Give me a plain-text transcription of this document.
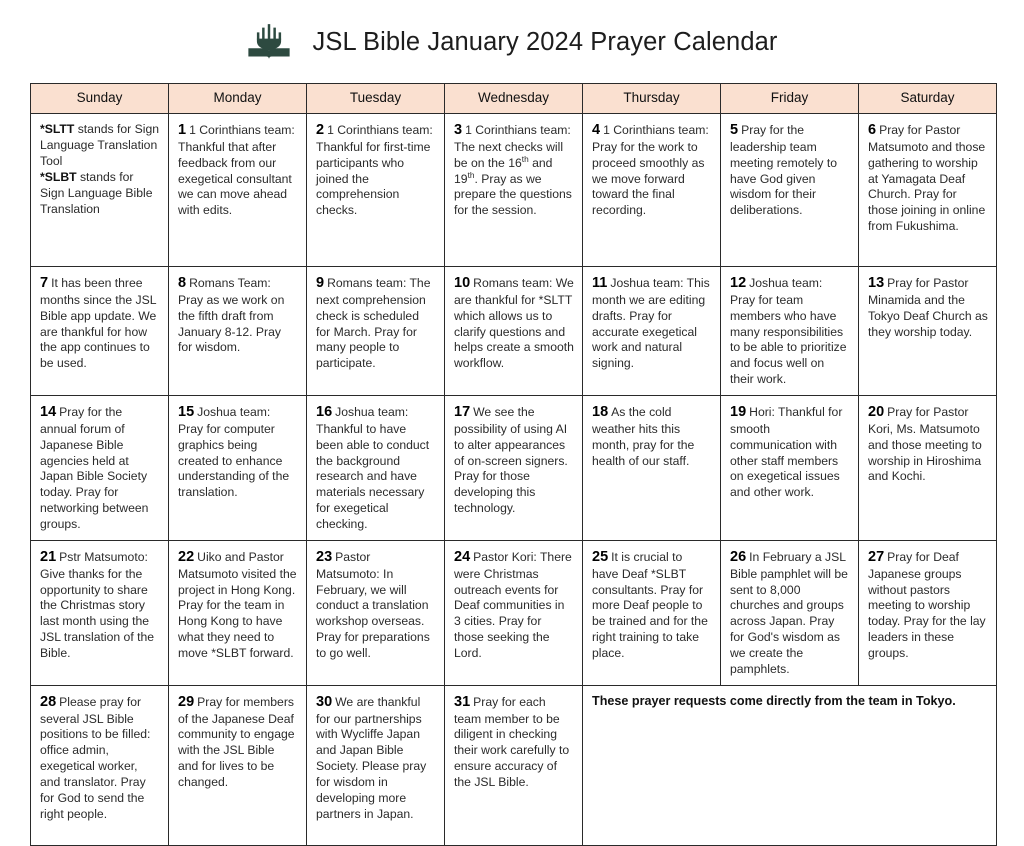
JSL Bible January 2024 Prayer Calendar
Sunday	Monday	Tuesday	Wednesday	Thursday	Friday	Saturday

*SLTT stands for Sign Language Translation Tool
*SLBT stands for Sign Language Bible Translation	1 1 Corinthians team: Thankful that after feedback from our exegetical consultant we can move ahead with edits.	2 1 Corinthians team: Thankful for first-time participants who joined the comprehension checks.	3 1 Corinthians team: The next checks will be on the 16th and 19th. Pray as we prepare the questions for the session.	4 1 Corinthians team: Pray for the work to proceed smoothly as we move forward toward the final recording.	5 Pray for the leadership team meeting remotely to have God given wisdom for their deliberations.	6 Pray for Pastor Matsumoto and those gathering to worship at Yamagata Deaf Church. Pray for those joining in online from Fukushima.
7 It has been three months since the JSL Bible app update. We are thankful for how the app continues to be used.	8 Romans Team: Pray as we work on the fifth draft from January 8-12. Pray for wisdom.	9 Romans team: The next comprehension check is scheduled for March. Pray for many people to participate.	10 Romans team: We are thankful for *SLTT which allows us to clarify questions and helps create a smooth workflow.	11 Joshua team: This month we are editing drafts. Pray for accurate exegetical work and natural signing.	12 Joshua team: Pray for team members who have many responsibilities to be able to prioritize and focus well on their work.	13 Pray for Pastor Minamida and the Tokyo Deaf Church as they worship today.
14 Pray for the annual forum of Japanese Bible agencies held at Japan Bible Society today. Pray for networking between groups.	15 Joshua team: Pray for computer graphics being created to enhance understanding of the translation.	16 Joshua team: Thankful to have been able to conduct the background research and have materials necessary for exegetical checking.	17 We see the possibility of using AI to alter appearances of on-screen signers. Pray for those developing this technology.	18 As the cold weather hits this month, pray for the health of our staff.	19 Hori: Thankful for smooth communication with other staff members on exegetical issues and other work.	20 Pray for Pastor Kori, Ms. Matsumoto and those meeting to worship in Hiroshima and Kochi.
21 Pstr Matsumoto: Give thanks for the opportunity to share the Christmas story last month using the JSL translation of the Bible.	22 Uiko and Pastor Matsumoto visited the project in Hong Kong. Pray for the team in Hong Kong to have what they need to move *SLBT forward.	23 Pastor Matsumoto: In February, we will conduct a translation workshop overseas. Pray for preparations to go well.	24 Pastor Kori: There were Christmas outreach events for Deaf communities in 3 cities. Pray for those seeking the Lord.	25 It is crucial to have Deaf *SLBT consultants. Pray for more Deaf people to be trained and for the right training to take place.	26 In February a JSL Bible pamphlet will be sent to 8,000 churches and groups across Japan. Pray for God's wisdom as we create the pamphlets.	27 Pray for Deaf Japanese groups without pastors meeting to worship today. Pray for the lay leaders in these groups.
28 Please pray for several JSL Bible positions to be filled: office admin, exegetical worker, and translator. Pray for God to send the right people.	29 Pray for members of the Japanese Deaf community to engage with the JSL Bible and for lives to be changed.	30 We are thankful for our partnerships with Wycliffe Japan and Japan Bible Society. Please pray for wisdom in developing more partners in Japan.	31 Pray for each team member to be diligent in checking their work carefully to ensure accuracy of the JSL Bible.	These prayer requests come directly from the team in Tokyo.		
